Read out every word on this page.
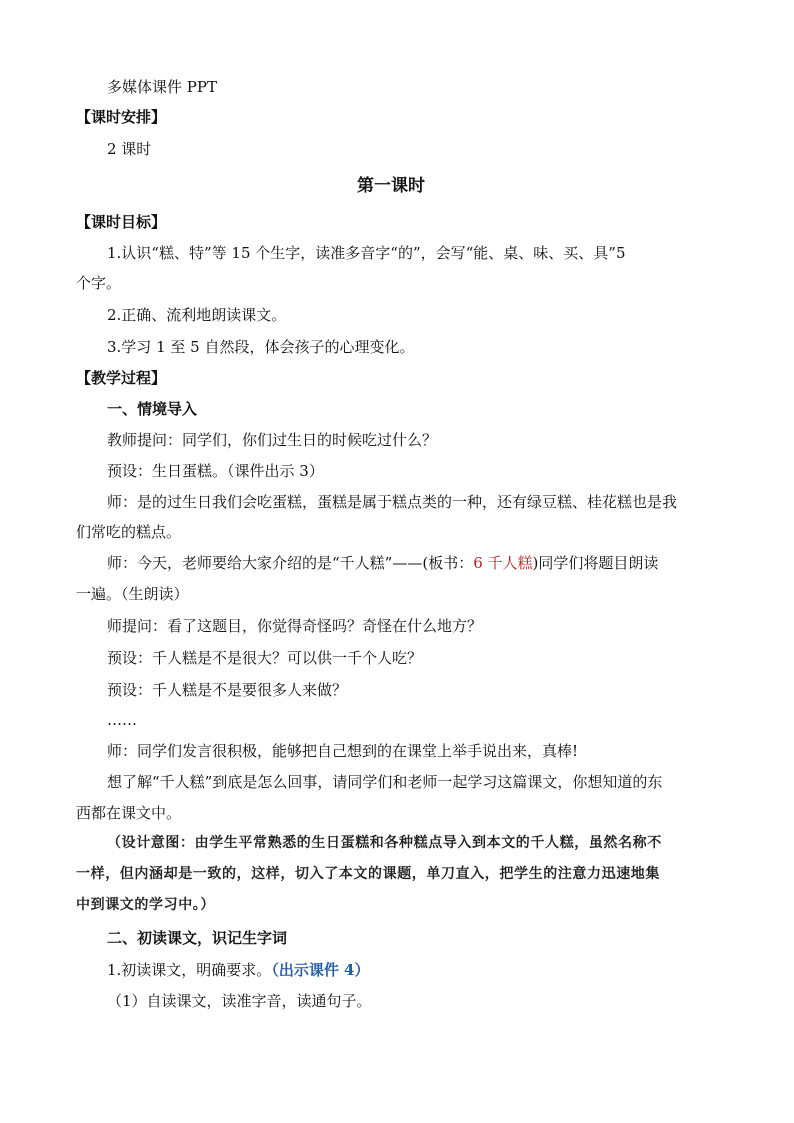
多媒体课件 PPT
【课时安排】
2 课时
第一课时
【课时目标】
1.认识“糕、特”等 15 个生字，读准多音字“的”，会写“能、桌、味、买、具”5
个字。
2.正确、流利地朗读课文。
3.学习 1 至 5 自然段，体会孩子的心理变化。
【教学过程】
一、情境导入
教师提问：同学们，你们过生日的时候吃过什么？
预设：生日蛋糕。（课件出示 3）
师：是的过生日我们会吃蛋糕，蛋糕是属于糕点类的一种，还有绿豆糕、桂花糕也是我
们常吃的糕点。
师：今天，老师要给大家介绍的是“千人糕”——(板书：6 千人糕)同学们将题目朗读
一遍。（生朗读）
师提问：看了这题目，你觉得奇怪吗？奇怪在什么地方？
预设：千人糕是不是很大？可以供一千个人吃？
预设：千人糕是不是要很多人来做？
……
师：同学们发言很积极，能够把自己想到的在课堂上举手说出来，真棒!
想了解“千人糕”到底是怎么回事，请同学们和老师一起学习这篇课文，你想知道的东
西都在课文中。
（设计意图：由学生平常熟悉的生日蛋糕和各种糕点导入到本文的千人糕，虽然名称不
一样，但内涵却是一致的，这样，切入了本文的课题，单刀直入，把学生的注意力迅速地集
中到课文的学习中。）
二、初读课文，识记生字词
1.初读课文，明确要求。（出示课件 4）
（1）自读课文，读准字音，读通句子。
